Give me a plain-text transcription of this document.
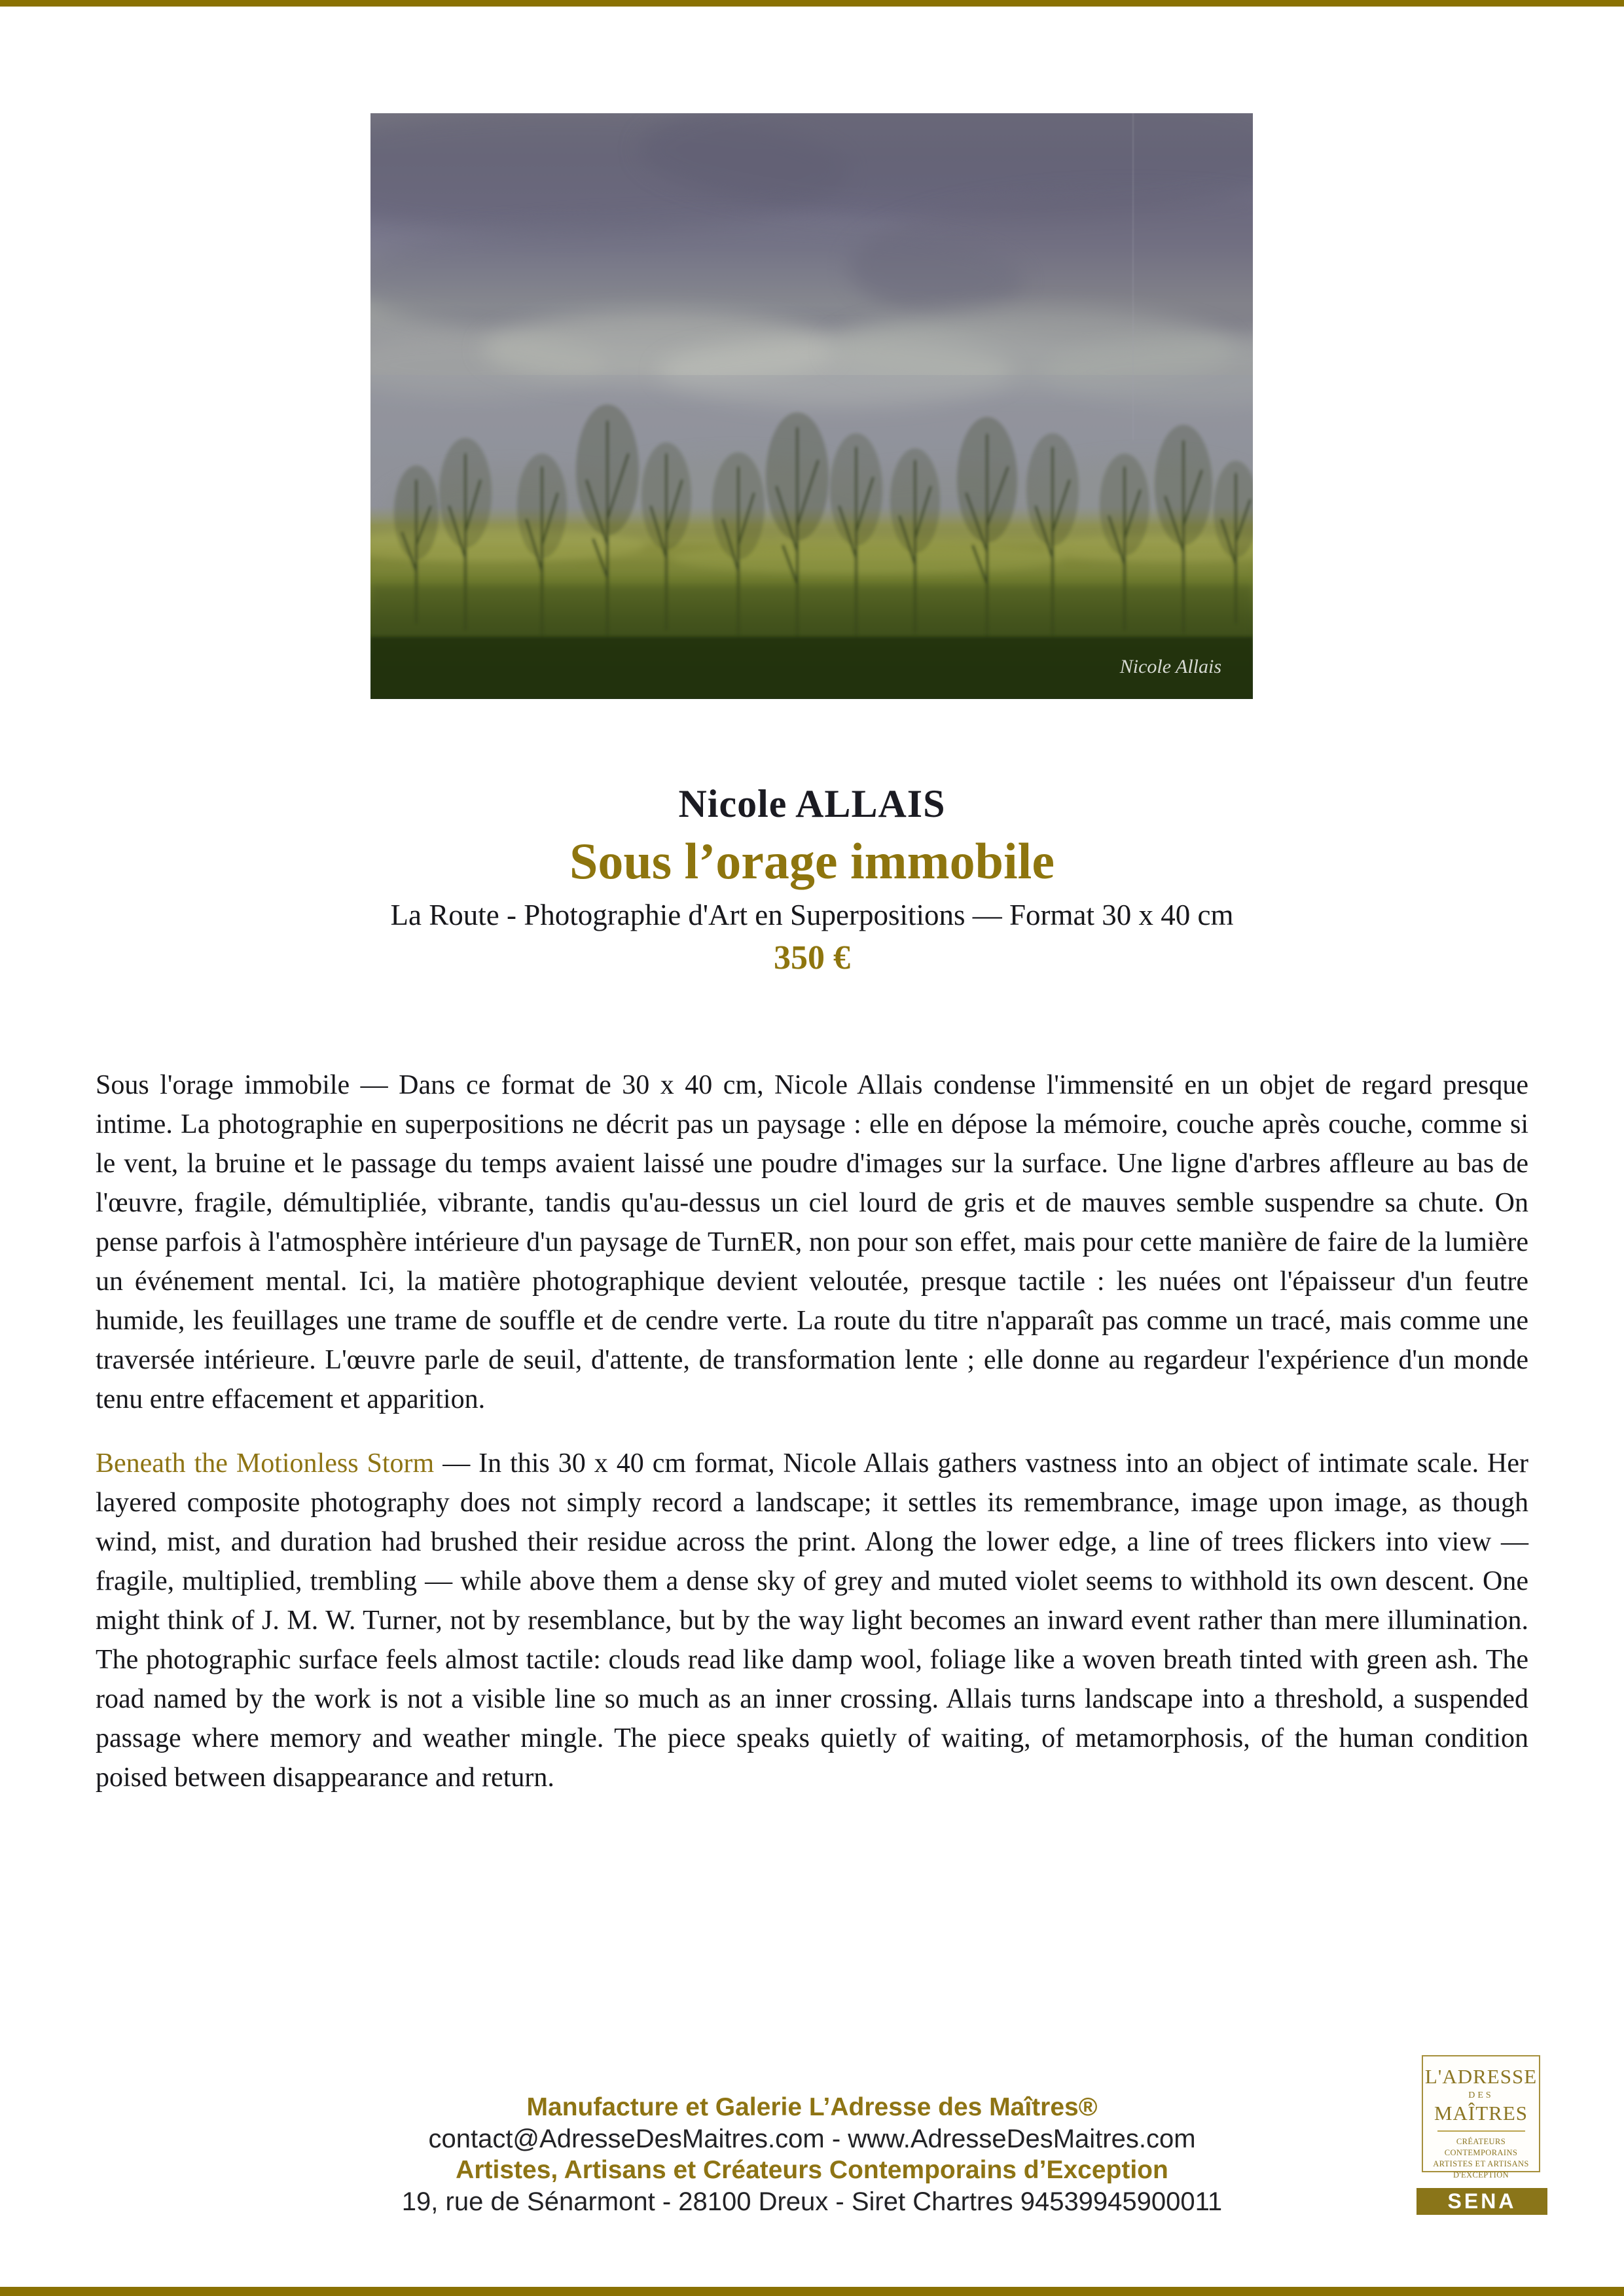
Nicole Allais
Nicole ALLAIS
Sous l’orage immobile
La Route - Photographie d'Art en Superpositions — Format 30 x 40 cm
350 €

Sous l'orage immobile — Dans ce format de 30 x 40 cm, Nicole Allais condense l'immensité en un objet de regard presque intime. La photographie en superpositions ne décrit pas un paysage : elle en dépose la mémoire, couche après couche, comme si le vent, la bruine et le passage du temps avaient laissé une poudre d'images sur la surface. Une ligne d'arbres affleure au bas de l'œuvre, fragile, démultipliée, vibrante, tandis qu'au-dessus un ciel lourd de gris et de mauves semble suspendre sa chute. On pense parfois à l'atmosphère intérieure d'un paysage de TurnER, non pour son effet, mais pour cette manière de faire de la lumière un événement mental. Ici, la matière photographique devient veloutée, presque tactile : les nuées ont l'épaisseur d'un feutre humide, les feuillages une trame de souffle et de cendre verte. La route du titre n'apparaît pas comme un tracé, mais comme une traversée intérieure. L'œuvre parle de seuil, d'attente, de transformation lente ; elle donne au regardeur l'expérience d'un monde tenu entre effacement et apparition.

Beneath the Motionless Storm — In this 30 x 40 cm format, Nicole Allais gathers vastness into an object of intimate scale. Her layered composite photography does not simply record a landscape; it settles its remembrance, image upon image, as though wind, mist, and duration had brushed their residue across the print. Along the lower edge, a line of trees flickers into view — fragile, multiplied, trembling — while above them a dense sky of grey and muted violet seems to withhold its own descent. One might think of J. M. W. Turner, not by resemblance, but by the way light becomes an inward event rather than mere illumination. The photographic surface feels almost tactile: clouds read like damp wool, foliage like a woven breath tinted with green ash. The road named by the work is not a visible line so much as an inner crossing. Allais turns landscape into a threshold, a suspended passage where memory and weather mingle. The piece speaks quietly of waiting, of metamorphosis, of the human condition poised between disappearance and return.

Manufacture et Galerie L’Adresse des Maîtres®
contact@AdresseDesMaitres.com - www.AdresseDesMaitres.com
Artistes, Artisans et Créateurs Contemporains d’Exception
19, rue de Sénarmont - 28100 Dreux - Siret Chartres 94539945900011
L'ADRESSE
DES
MAÎTRES
CRÉATEURS CONTEMPORAINS
ARTISTES ET ARTISANS
D'EXCEPTION
SENA
